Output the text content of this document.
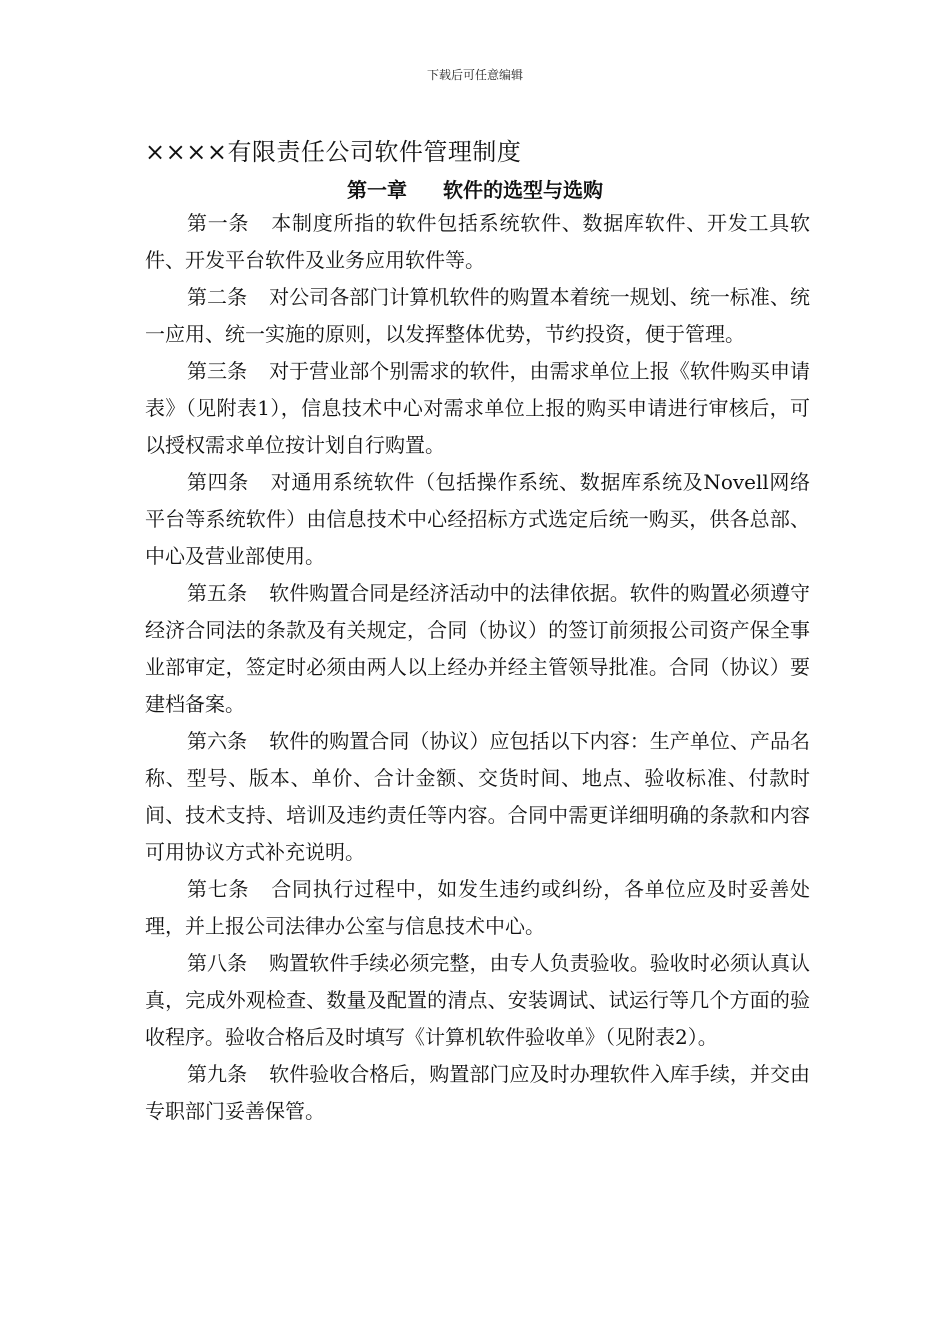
下载后可任意编辑
××××有限责任公司软件管理制度
第一章 软件的选型与选购

第一条 本制度所指的软件包括系统软件、数据库软件、开发工具软件、开发平台软件及业务应用软件等。

第二条 对公司各部门计算机软件的购置本着统一规划、统一标准、统一应用、统一实施的原则，以发挥整体优势，节约投资，便于管理。

第三条 对于营业部个别需求的软件，由需求单位上报《软件购买申请表》（见附表1），信息技术中心对需求单位上报的购买申请进行审核后，可以授权需求单位按计划自行购置。

第四条 对通用系统软件（包括操作系统、数据库系统及Novell网络平台等系统软件）由信息技术中心经招标方式选定后统一购买，供各总部、中心及营业部使用。

第五条 软件购置合同是经济活动中的法律依据。软件的购置必须遵守经济合同法的条款及有关规定，合同（协议）的签订前须报公司资产保全事业部审定，签定时必须由两人以上经办并经主管领导批准。合同（协议）要建档备案。

第六条 软件的购置合同（协议）应包括以下内容：生产单位、产品名称、型号、版本、单价、合计金额、交货时间、地点、验收标准、付款时间、技术支持、培训及违约责任等内容。合同中需更详细明确的条款和内容可用协议方式补充说明。

第七条 合同执行过程中，如发生违约或纠纷，各单位应及时妥善处理，并上报公司法律办公室与信息技术中心。

第八条 购置软件手续必须完整，由专人负责验收。验收时必须认真认真，完成外观检查、数量及配置的清点、安装调试、试运行等几个方面的验收程序。验收合格后及时填写《计算机软件验收单》（见附表2）。

第九条 软件验收合格后，购置部门应及时办理软件入库手续，并交由专职部门妥善保管。
